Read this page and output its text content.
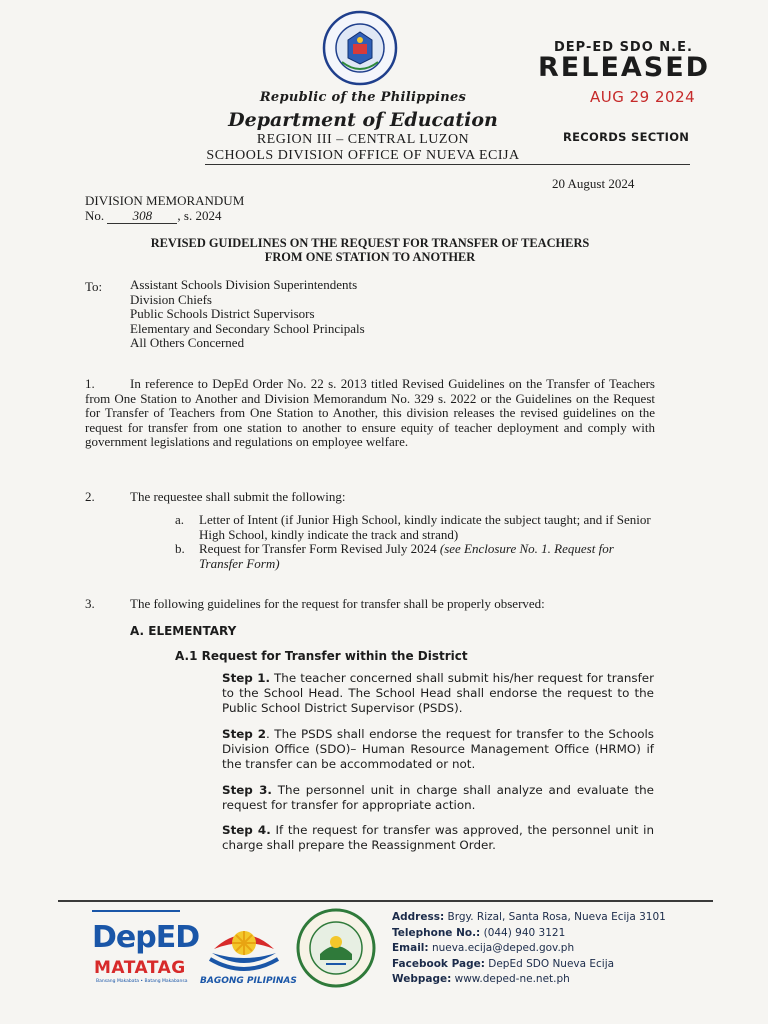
Republic of the Philippines
Department of Education
REGION III – CENTRAL LUZON
SCHOOLS DIVISION OFFICE OF NUEVA ECIJA
DEP-ED SDO N.E.
RELEASED
AUG 29 2024
RECORDS SECTION
20 August 2024
DIVISION MEMORANDUM
No. 308 , s. 2024
REVISED GUIDELINES ON THE REQUEST FOR TRANSFER OF TEACHERS
FROM ONE STATION TO ANOTHER
To: Assistant Schools Division Superintendents
Division Chiefs
Public Schools District Supervisors
Elementary and Secondary School Principals
All Others Concerned
1.	In reference to DepEd Order No. 22 s. 2013 titled Revised Guidelines on the Transfer of Teachers from One Station to Another and Division Memorandum No. 329 s. 2022 or the Guidelines on the Request for Transfer of Teachers from One Station to Another, this division releases the revised guidelines on the request for transfer from one station to another to ensure equity of teacher deployment and comply with government legislations and regulations on employee welfare.
2.	The requestee shall submit the following:
a. Letter of Intent (if Junior High School, kindly indicate the subject taught; and if Senior High School, kindly indicate the track and strand)
b. Request for Transfer Form Revised July 2024 (see Enclosure No. 1. Request for Transfer Form)
3.	The following guidelines for the request for transfer shall be properly observed:
A. ELEMENTARY
A.1 Request for Transfer within the District
Step 1. The teacher concerned shall submit his/her request for transfer to the School Head. The School Head shall endorse the request to the Public School District Supervisor (PSDS).
Step 2. The PSDS shall endorse the request for transfer to the Schools Division Office (SDO)– Human Resource Management Office (HRMO) if the transfer can be accommodated or not.
Step 3. The personnel unit in charge shall analyze and evaluate the request for transfer for appropriate action.
Step 4. If the request for transfer was approved, the personnel unit in charge shall prepare the Reassignment Order.
DepED
MATATAG
Bansang Makabata • Batang Makabansa BAGONG PILIPINAS
Address: Brgy. Rizal, Santa Rosa, Nueva Ecija 3101
Telephone No.: (044) 940 3121
Email: nueva.ecija@deped.gov.ph
Facebook Page: DepEd SDO Nueva Ecija
Webpage: www.deped-ne.net.ph
